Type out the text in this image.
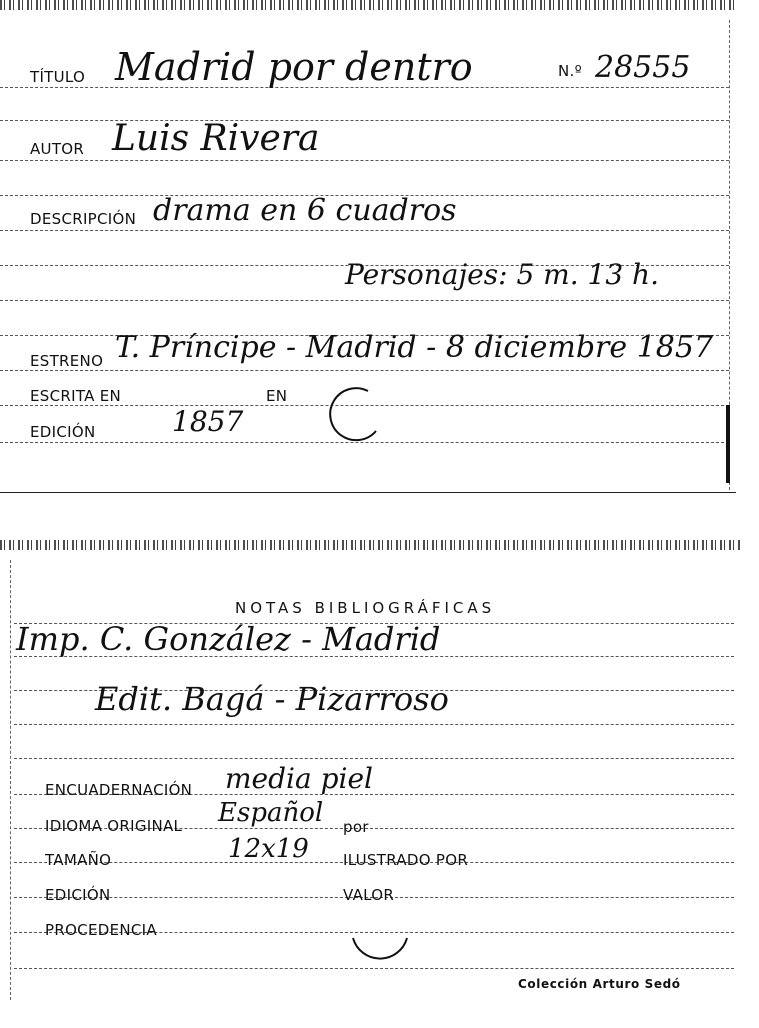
TÍTULO Madrid por dentro	N.º 28555
AUTOR Luis Rivera
DESCRIPCIÓN drama en 6 cuadros
Personajes: 5 m. 13 h.
ESTRENO T. Príncipe - Madrid - 8 diciembre 1857
ESCRITA EN	EN
EDICIÓN	1857
NOTAS BIBLIOGRÁFICAS
Imp. C. González - Madrid
Edit. Bagá - Pizarroso
ENCUADERNACIÓN media piel
IDIOMA ORIGINAL Español por
TAMAÑO	12x19 ILUSTRADO POR
EDICIÓN	VALOR
PROCEDENCIA
Colección Arturo Sedó
